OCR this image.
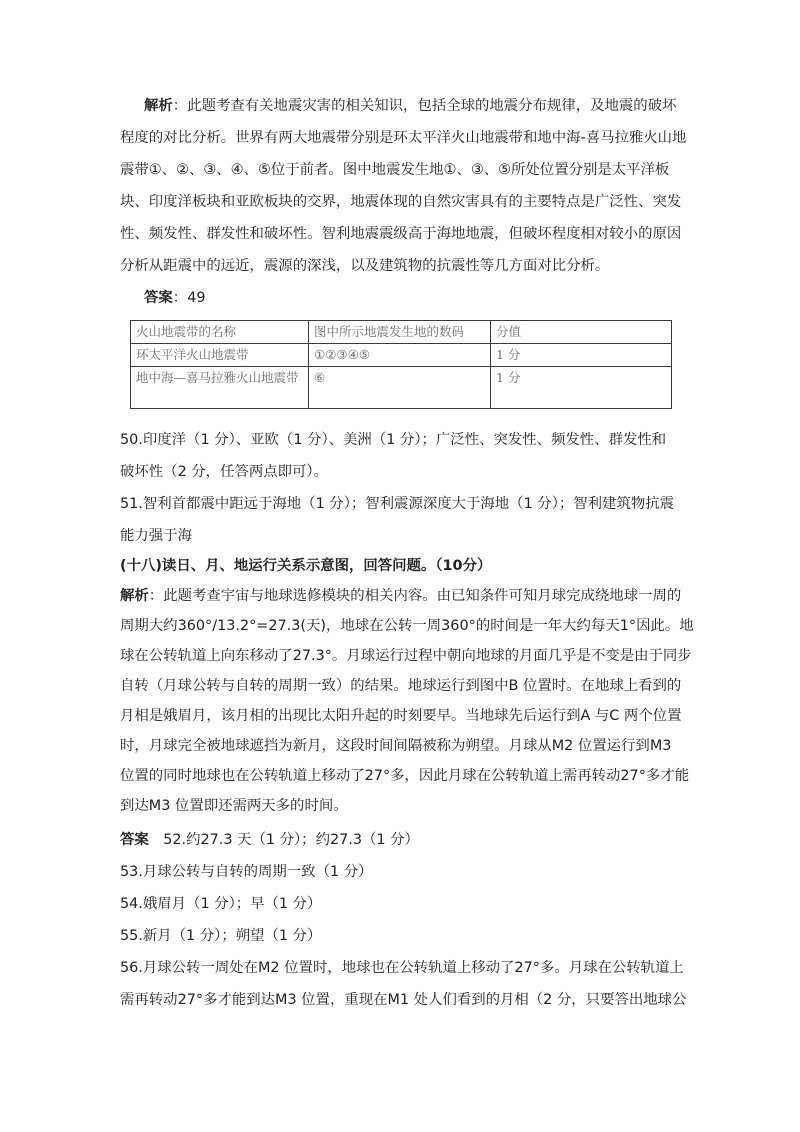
解析：此题考查有关地震灾害的相关知识，包括全球的地震分布规律，及地震的破坏

程度的对比分析。世界有两大地震带分别是环太平洋火山地震带和地中海-喜马拉雅火山地

震带①、②、③、④、⑤位于前者。图中地震发生地①、③、⑤所处位置分别是太平洋板

块、印度洋板块和亚欧板块的交界，地震体现的自然灾害具有的主要特点是广泛性、突发

性、频发性、群发性和破坏性。智利地震震级高于海地地震，但破坏程度相对较小的原因

分析从距震中的远近，震源的深浅，以及建筑物的抗震性等几方面对比分析。

答案：49

火山地震带的名称	图中所示地震发生地的数码	分值
环太平洋火山地震带	①②③④⑤	1 分
地中海—喜马拉雅火山地震带	⑥	1 分

50.印度洋（1 分）、亚欧（1 分）、美洲（1 分）；广泛性、突发性、频发性、群发性和

破坏性（2 分，任答两点即可）。

51.智利首都震中距远于海地（1 分）；智利震源深度大于海地（1 分）；智利建筑物抗震

能力强于海

(十八)读日、月、地运行关系示意图，回答问题。（10分）

解析：此题考查宇宙与地球选修模块的相关内容。由已知条件可知月球完成绕地球一周的

周期大约360°/13.2°=27.3(天)，地球在公转一周360°的时间是一年大约每天1°因此。地

球在公转轨道上向东移动了27.3°。月球运行过程中朝向地球的月面几乎是不变是由于同步

自转（月球公转与自转的周期一致）的结果。地球运行到图中B 位置时。在地球上看到的

月相是娥眉月，该月相的出现比太阳升起的时刻要早。当地球先后运行到A 与C 两个位置

时，月球完全被地球遮挡为新月，这段时间间隔被称为朔望。月球从M2 位置运行到M3

位置的同时地球也在公转轨道上移动了27°多，因此月球在公转轨道上需再转动27°多才能

到达M3 位置即还需两天多的时间。

答案　52.约27.3 天（1 分）；约27.3（1 分）

53.月球公转与自转的周期一致（1 分）

54.娥眉月（1 分）；早（1 分）

55.新月（1 分）；朔望（1 分）

56.月球公转一周处在M2 位置时，地球也在公转轨道上移动了27°多。月球在公转轨道上

需再转动27°多才能到达M3 位置，重现在M1 处人们看到的月相（2 分，只要答出地球公
